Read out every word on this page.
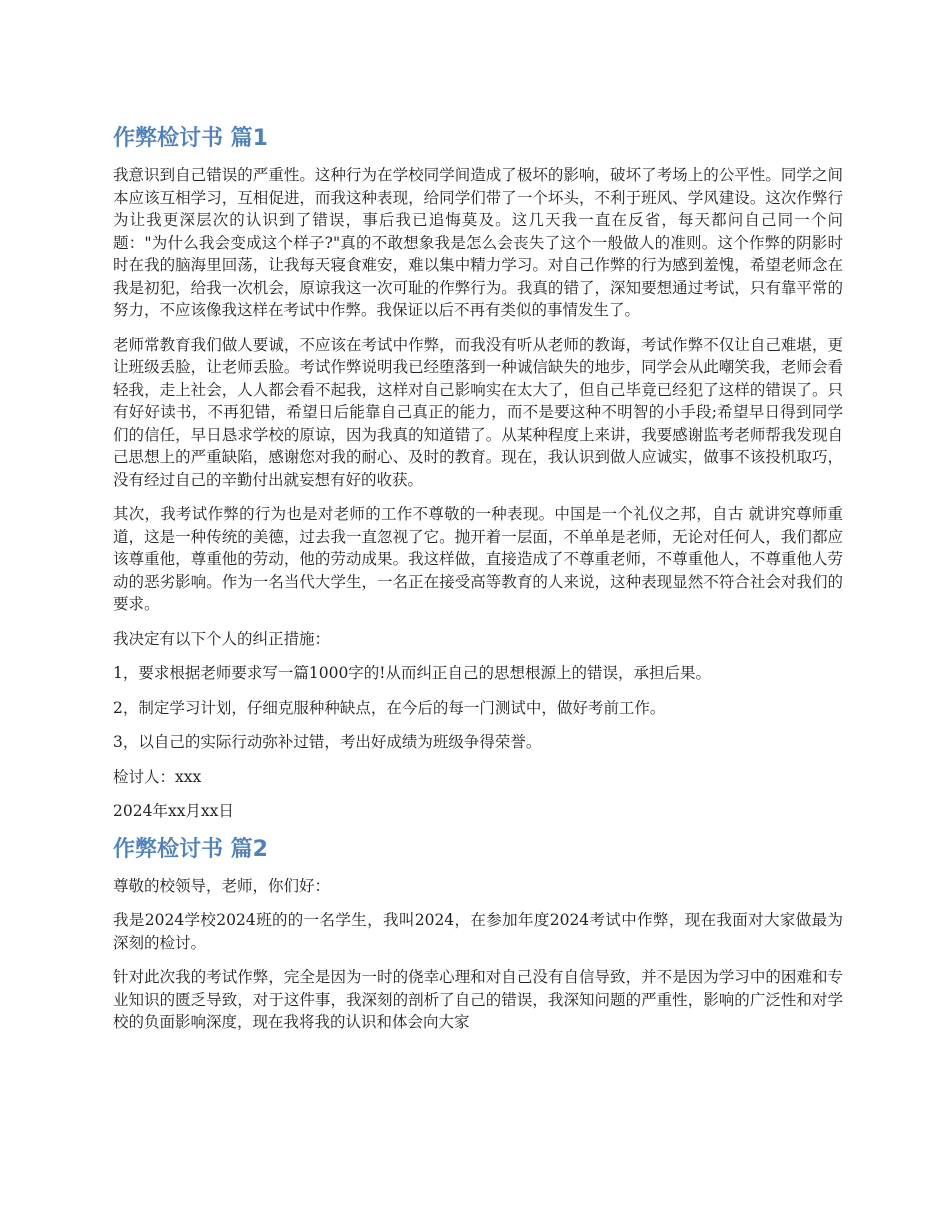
作弊检讨书 篇1

我意识到自己错误的严重性。这种行为在学校同学间造成了极坏的影响，破坏了考场上的公平性。同学之间本应该互相学习，互相促进，而我这种表现，给同学们带了一个坏头，不利于班风、学风建设。这次作弊行为让我更深层次的认识到了错误，事后我已追悔莫及。这几天我一直在反省，每天都问自己同一个问题："为什么我会变成这个样子?"真的不敢想象我是怎么会丧失了这个一般做人的准则。这个作弊的阴影时时在我的脑海里回荡，让我每天寝食难安，难以集中精力学习。对自己作弊的行为感到羞愧，希望老师念在我是初犯，给我一次机会，原谅我这一次可耻的作弊行为。我真的错了，深知要想通过考试，只有靠平常的努力，不应该像我这样在考试中作弊。我保证以后不再有类似的事情发生了。

老师常教育我们做人要诚，不应该在考试中作弊，而我没有听从老师的教诲，考试作弊不仅让自己难堪，更让班级丢脸，让老师丢脸。考试作弊说明我已经堕落到一种诚信缺失的地步，同学会从此嘲笑我，老师会看轻我，走上社会，人人都会看不起我，这样对自己影响实在太大了，但自己毕竟已经犯了这样的错误了。只有好好读书，不再犯错，希望日后能靠自己真正的能力，而不是要这种不明智的小手段;希望早日得到同学们的信任，早日恳求学校的原谅，因为我真的知道错了。从某种程度上来讲，我要感谢监考老师帮我发现自己思想上的严重缺陷，感谢您对我的耐心、及时的教育。现在，我认识到做人应诚实，做事不该投机取巧，没有经过自己的辛勤付出就妄想有好的收获。

其次，我考试作弊的行为也是对老师的工作不尊敬的一种表现。中国是一个礼仪之邦，自古 就讲究尊师重道，这是一种传统的美德，过去我一直忽视了它。抛开着一层面，不单单是老师，无论对任何人，我们都应该尊重他，尊重他的劳动，他的劳动成果。我这样做，直接造成了不尊重老师，不尊重他人，不尊重他人劳动的恶劣影响。作为一名当代大学生，一名正在接受高等教育的人来说，这种表现显然不符合社会对我们的要求。

我决定有以下个人的纠正措施：

1，要求根据老师要求写一篇1000字的!从而纠正自己的思想根源上的错误，承担后果。

2，制定学习计划，仔细克服种种缺点，在今后的每一门测试中，做好考前工作。

3，以自己的实际行动弥补过错，考出好成绩为班级争得荣誉。

检讨人：xxx

2024年xx月xx日

作弊检讨书 篇2

尊敬的校领导，老师，你们好：

我是2024学校2024班的的一名学生，我叫2024，在参加年度2024考试中作弊，现在我面对大家做最为深刻的检讨。

针对此次我的考试作弊，完全是因为一时的侥幸心理和对自己没有自信导致，并不是因为学习中的困难和专业知识的匮乏导致，对于这件事，我深刻的剖析了自己的错误，我深知问题的严重性，影响的广泛性和对学校的负面影响深度，现在我将我的认识和体会向大家
